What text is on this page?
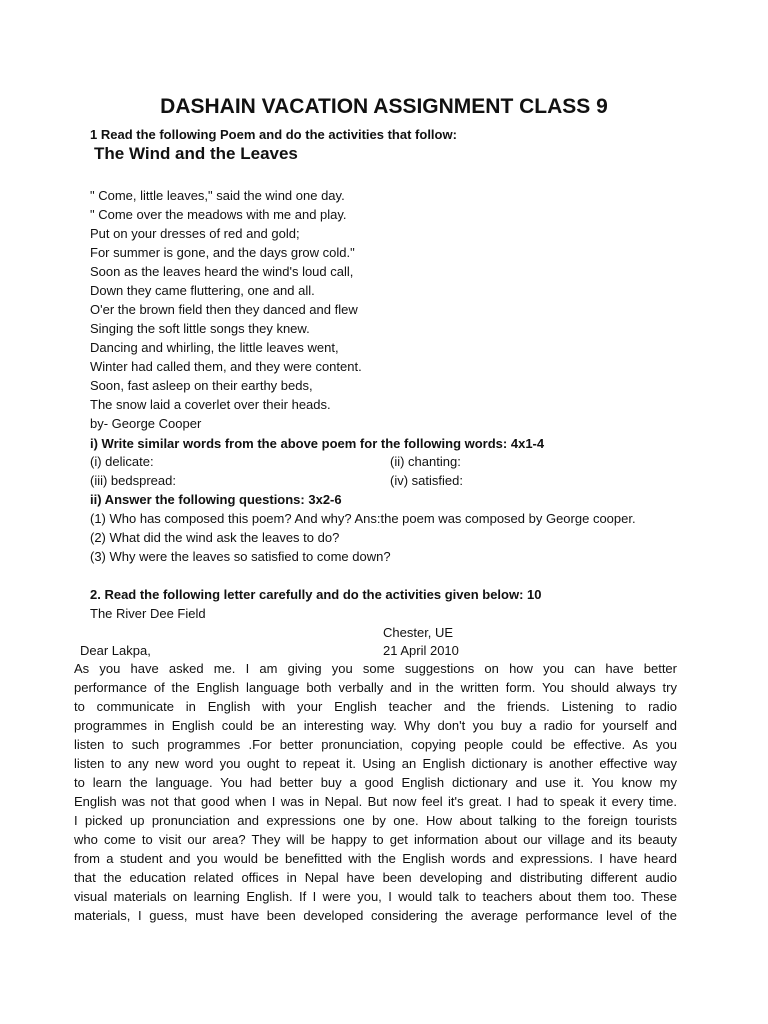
DASHAIN VACATION ASSIGNMENT CLASS 9
1 Read the following Poem and do the activities that follow:
The Wind and the Leaves
" Come, little leaves," said the wind one day.
" Come over the meadows with me and play.
Put on your dresses of red and gold;
For summer is gone, and the days grow cold."
Soon as the leaves heard the wind's loud call,
Down they came fluttering, one and all.
O'er the brown field then they danced and flew
Singing the soft little songs they knew.
Dancing and whirling, the little leaves went,
Winter had called them, and they were content.
Soon, fast asleep on their earthy beds,
The snow laid a coverlet over their heads.
by- George Cooper
i) Write similar words from the above poem for the following words: 4x1-4
(i) delicate:	(ii) chanting:
(iii) bedspread:	(iv) satisfied:
ii) Answer the following questions: 3x2-6
(1) Who has composed this poem? And why? Ans:the poem was composed by George cooper.
(2) What did the wind ask the leaves to do?
(3) Why were the leaves so satisfied to come down?
2. Read the following letter carefully and do the activities given below: 10
The River Dee Field
Chester, UE
Dear Lakpa,	21 April 2010
As you have asked me. I am giving you some suggestions on how you can have better
performance of the English language both verbally and in the written form. You should always try
to communicate in English with your English teacher and the friends. Listening to radio
programmes in English could be an interesting way. Why don't you buy a radio for yourself and
listen to such programmes .For better pronunciation, copying people could be effective. As you
listen to any new word you ought to repeat it. Using an English dictionary is another effective way
to learn the language. You had better buy a good English dictionary and use it. You know my
English was not that good when I was in Nepal. But now feel it's great. I had to speak it every time.
I picked up pronunciation and expressions one by one. How about talking to the foreign tourists
who come to visit our area? They will be happy to get information about our village and its beauty
from a student and you would be benefitted with the English words and expressions. I have heard
that the education related offices in Nepal have been developing and distributing different audio
visual materials on learning English. If I were you, I would talk to teachers about them too. These
materials, I guess, must have been developed considering the average performance level of the
